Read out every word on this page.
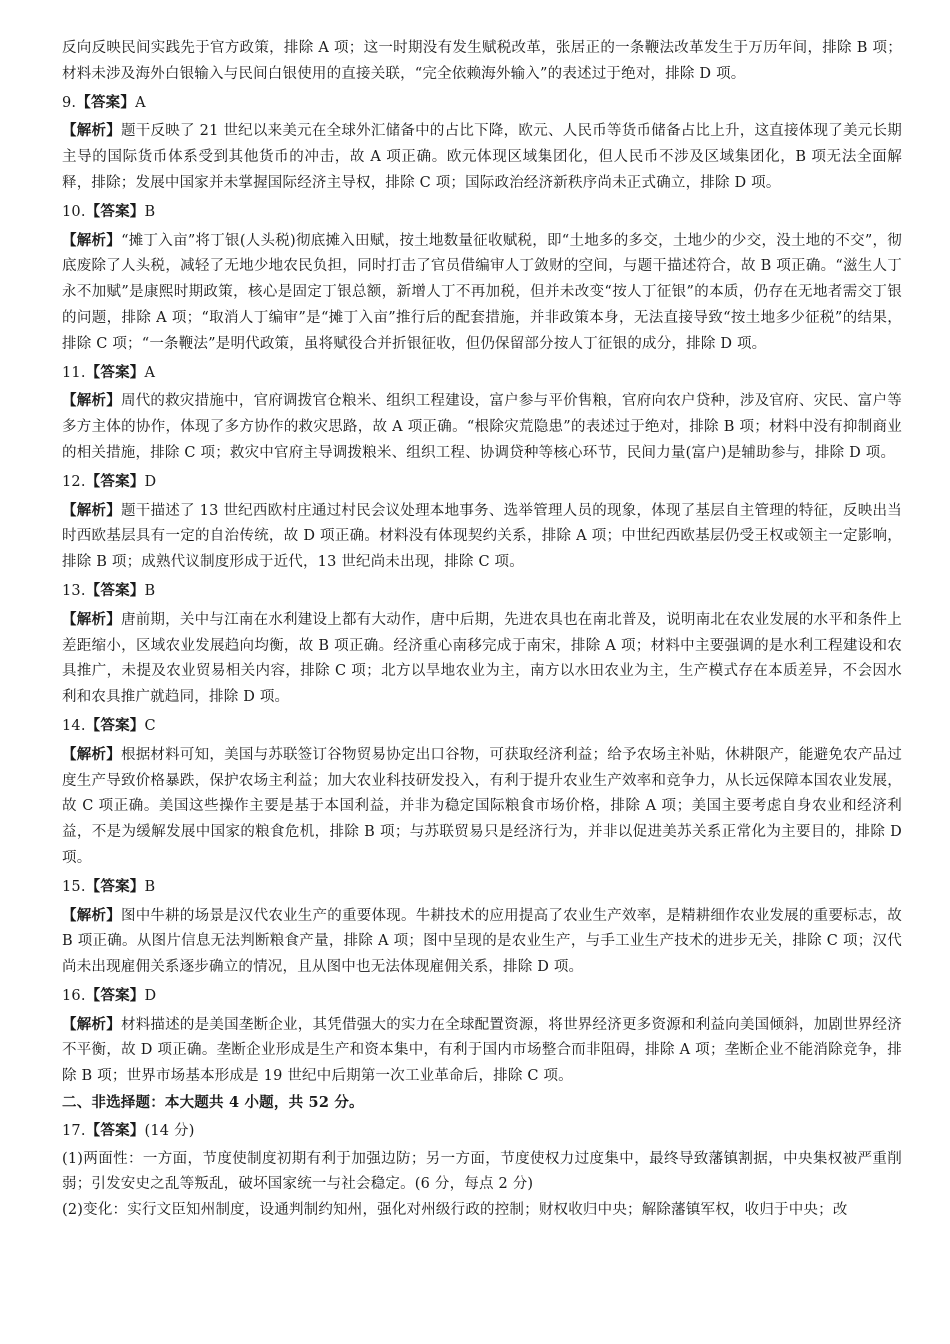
反向反映民间实践先于官方政策，排除 A 项；这一时期没有发生赋税改革，张居正的一条鞭法改革发生于万历年间，排除 B 项；材料未涉及海外白银输入与民间白银使用的直接关联，“完全依赖海外输入”的表述过于绝对，排除 D 项。

9.【答案】A

【解析】题干反映了 21 世纪以来美元在全球外汇储备中的占比下降，欧元、人民币等货币储备占比上升，这直接体现了美元长期主导的国际货币体系受到其他货币的冲击，故 A 项正确。欧元体现区域集团化，但人民币不涉及区域集团化，B 项无法全面解释，排除；发展中国家并未掌握国际经济主导权，排除 C 项；国际政治经济新秩序尚未正式确立，排除 D 项。

10.【答案】B

【解析】“摊丁入亩”将丁银(人头税)彻底摊入田赋，按土地数量征收赋税，即“土地多的多交，土地少的少交，没土地的不交”，彻底废除了人头税，减轻了无地少地农民负担，同时打击了官员借编审人丁敛财的空间，与题干描述符合，故 B 项正确。“滋生人丁永不加赋”是康熙时期政策，核心是固定丁银总额，新增人丁不再加税，但并未改变“按人丁征银”的本质，仍存在无地者需交丁银的问题，排除 A 项；“取消人丁编审”是“摊丁入亩”推行后的配套措施，并非政策本身，无法直接导致“按土地多少征税”的结果，排除 C 项；“一条鞭法”是明代政策，虽将赋役合并折银征收，但仍保留部分按人丁征银的成分，排除 D 项。

11.【答案】A

【解析】周代的救灾措施中，官府调拨官仓粮米、组织工程建设，富户参与平价售粮，官府向农户贷种，涉及官府、灾民、富户等多方主体的协作，体现了多方协作的救灾思路，故 A 项正确。“根除灾荒隐患”的表述过于绝对，排除 B 项；材料中没有抑制商业的相关措施，排除 C 项；救灾中官府主导调拨粮米、组织工程、协调贷种等核心环节，民间力量(富户)是辅助参与，排除 D 项。

12.【答案】D

【解析】题干描述了 13 世纪西欧村庄通过村民会议处理本地事务、选举管理人员的现象，体现了基层自主管理的特征，反映出当时西欧基层具有一定的自治传统，故 D 项正确。材料没有体现契约关系，排除 A 项；中世纪西欧基层仍受王权或领主一定影响，排除 B 项；成熟代议制度形成于近代，13 世纪尚未出现，排除 C 项。

13.【答案】B

【解析】唐前期，关中与江南在水利建设上都有大动作，唐中后期，先进农具也在南北普及，说明南北在农业发展的水平和条件上差距缩小，区域农业发展趋向均衡，故 B 项正确。经济重心南移完成于南宋，排除 A 项；材料中主要强调的是水利工程建设和农具推广，未提及农业贸易相关内容，排除 C 项；北方以旱地农业为主，南方以水田农业为主，生产模式存在本质差异，不会因水利和农具推广就趋同，排除 D 项。

14.【答案】C

【解析】根据材料可知，美国与苏联签订谷物贸易协定出口谷物，可获取经济利益；给予农场主补贴，休耕限产，能避免农产品过度生产导致价格暴跌，保护农场主利益；加大农业科技研发投入，有利于提升农业生产效率和竞争力，从长远保障本国农业发展，故 C 项正确。美国这些操作主要是基于本国利益，并非为稳定国际粮食市场价格，排除 A 项；美国主要考虑自身农业和经济利益，不是为缓解发展中国家的粮食危机，排除 B 项；与苏联贸易只是经济行为，并非以促进美苏关系正常化为主要目的，排除 D 项。

15.【答案】B

【解析】图中牛耕的场景是汉代农业生产的重要体现。牛耕技术的应用提高了农业生产效率，是精耕细作农业发展的重要标志，故 B 项正确。从图片信息无法判断粮食产量，排除 A 项；图中呈现的是农业生产，与手工业生产技术的进步无关，排除 C 项；汉代尚未出现雇佣关系逐步确立的情况，且从图中也无法体现雇佣关系，排除 D 项。

16.【答案】D

【解析】材料描述的是美国垄断企业，其凭借强大的实力在全球配置资源，将世界经济更多资源和利益向美国倾斜，加剧世界经济不平衡，故 D 项正确。垄断企业形成是生产和资本集中，有利于国内市场整合而非阻碍，排除 A 项；垄断企业不能消除竞争，排除 B 项；世界市场基本形成是 19 世纪中后期第一次工业革命后，排除 C 项。

二、非选择题：本大题共 4 小题，共 52 分。

17.【答案】(14 分)

(1)两面性：一方面，节度使制度初期有利于加强边防；另一方面，节度使权力过度集中，最终导致藩镇割据，中央集权被严重削弱；引发安史之乱等叛乱，破坏国家统一与社会稳定。(6 分，每点 2 分)

(2)变化：实行文臣知州制度，设通判制约知州，强化对州级行政的控制；财权收归中央；解除藩镇军权，收归于中央；改
